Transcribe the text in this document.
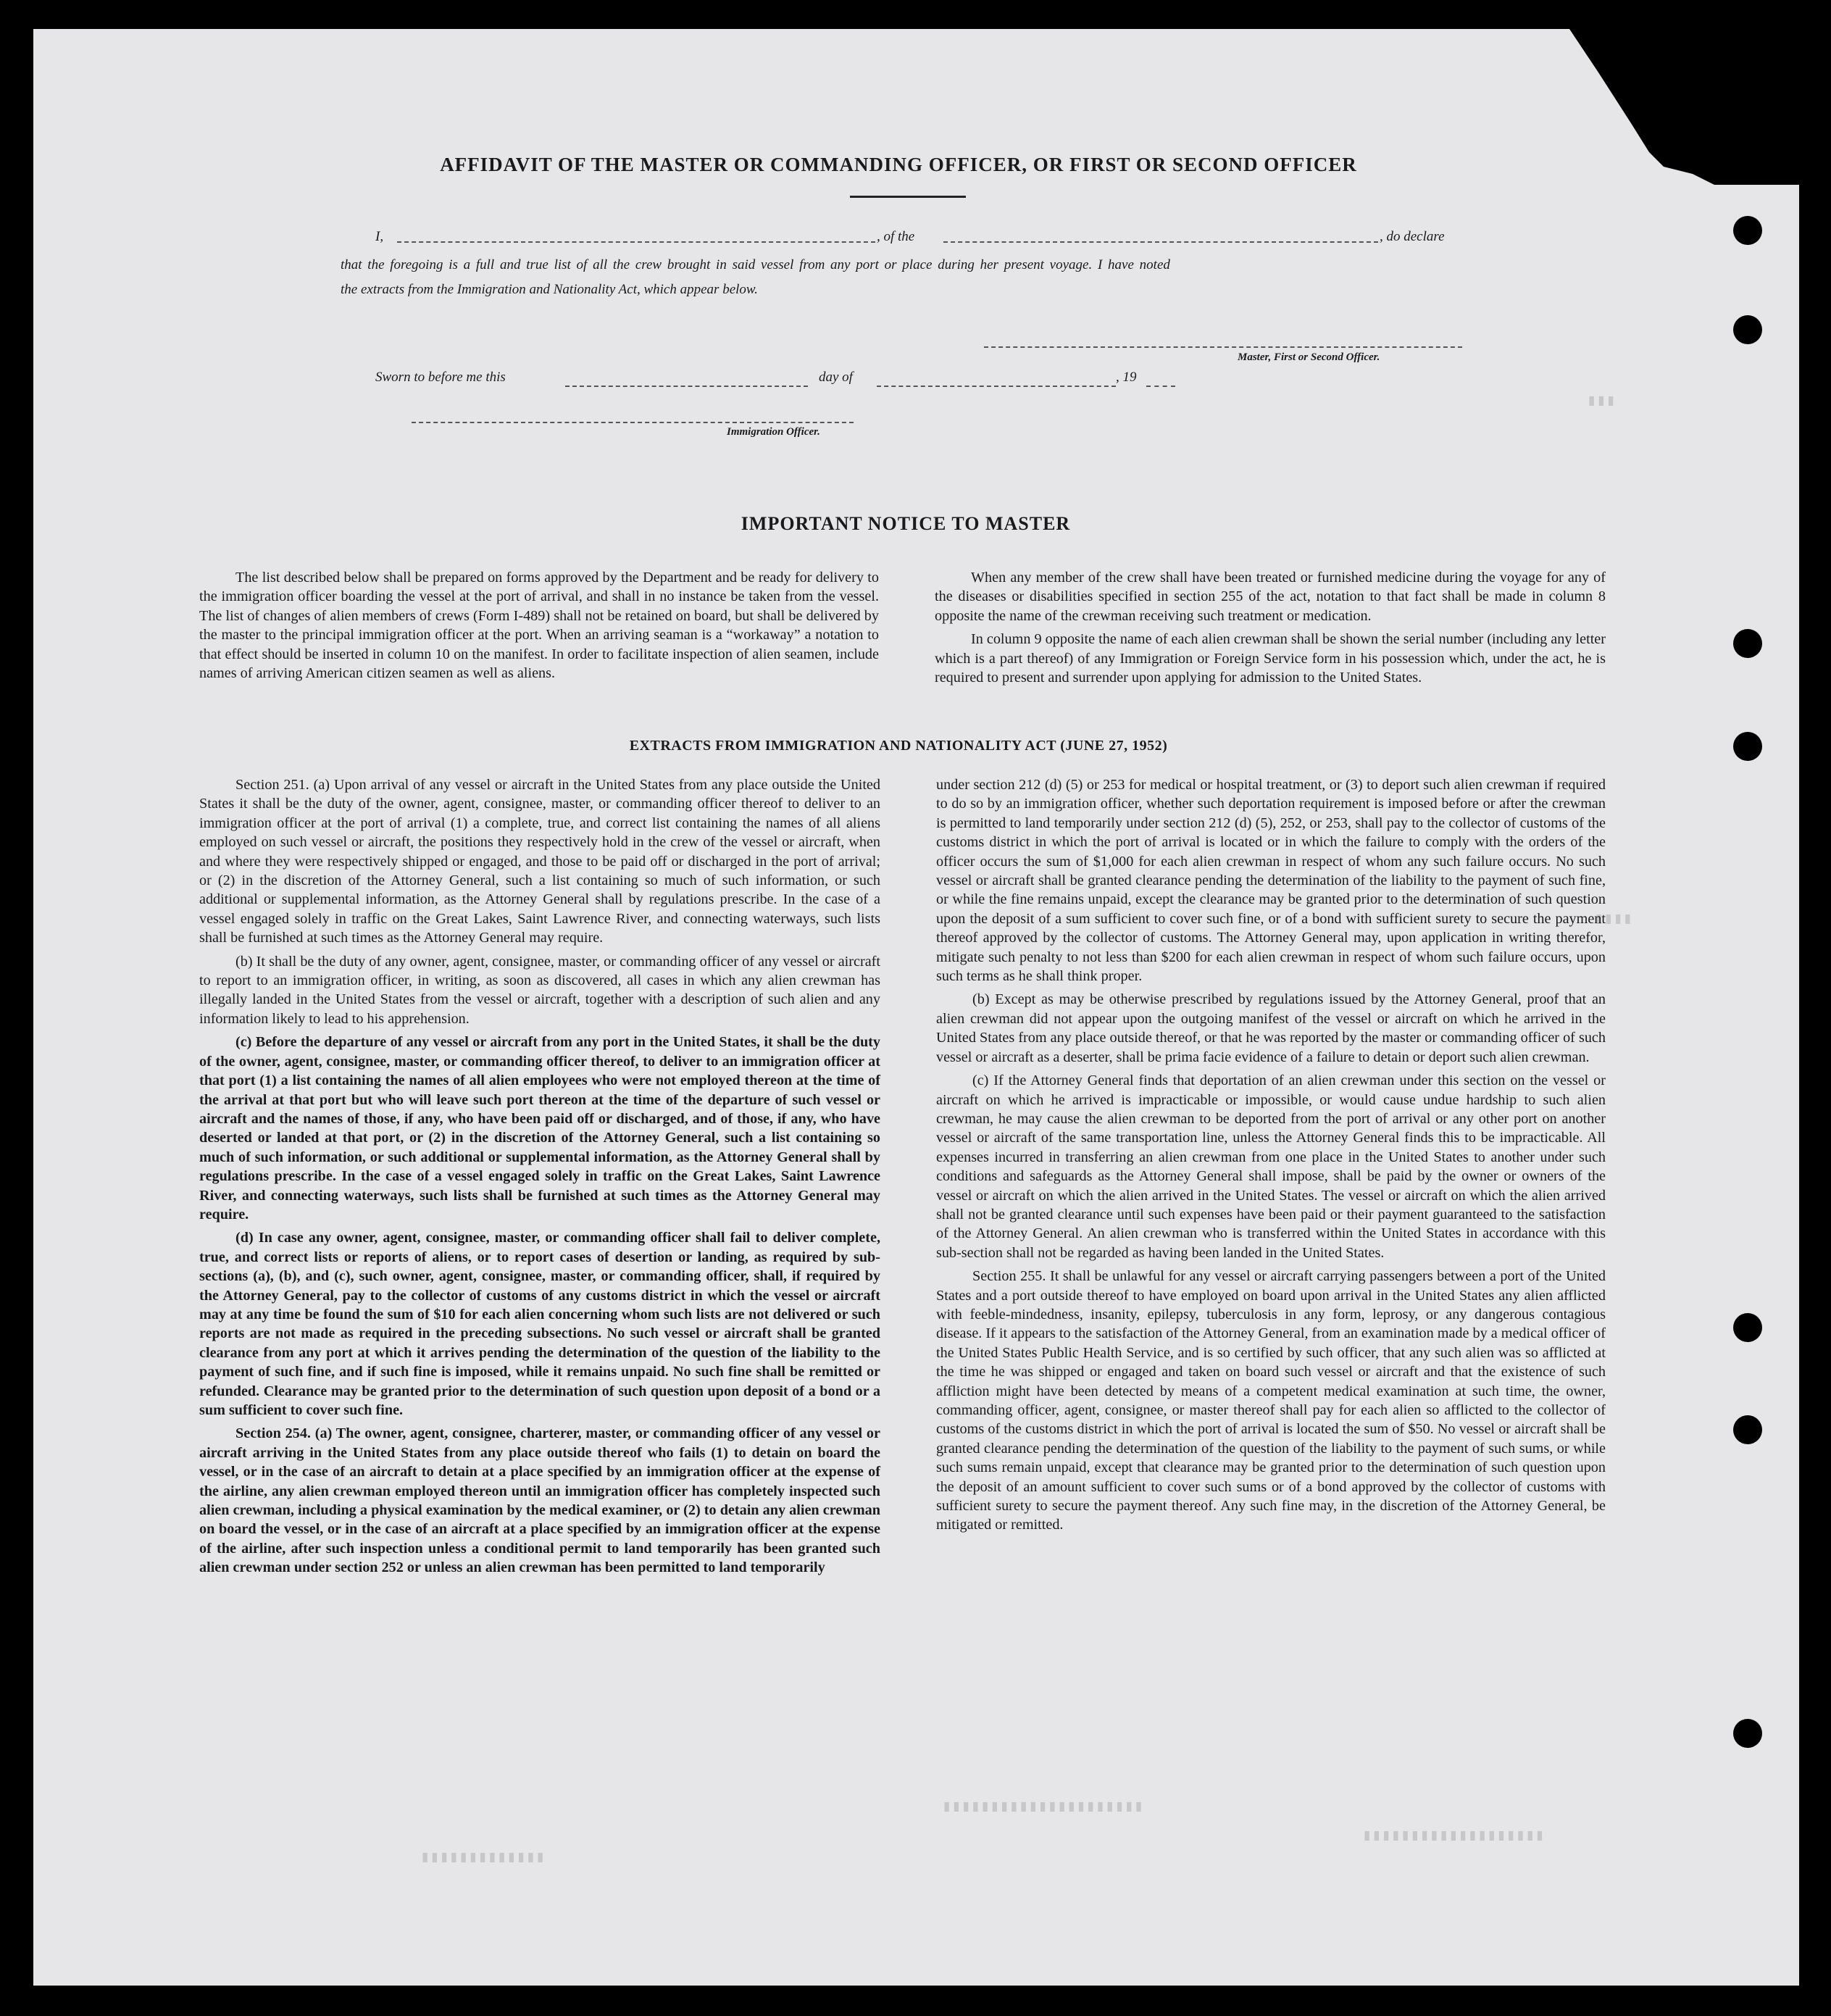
▮▮▮
▮▮▮▮
▮▮▮▮▮▮▮▮▮▮▮▮▮▮▮▮▮▮▮▮▮
▮▮▮▮▮▮▮▮▮▮▮▮▮▮▮▮▮▮▮
▮▮▮▮▮▮▮▮▮▮▮▮▮
AFFIDAVIT OF THE MASTER OR COMMANDING OFFICER, OR FIRST OR SECOND OFFICER
I,	, of the	, do declare
that the foregoing is a full and true list of all the crew brought in said vessel from any port or place during her present voyage. I have noted
the extracts from the Immigration and Nationality Act, which appear below.
Master, First or Second Officer.
Sworn to before me this	day of	, 19
Immigration Officer.
IMPORTANT NOTICE TO MASTER

The list described below shall be prepared on forms approved by the Department and be ready for delivery to the immigration officer boarding the vessel at the port of arrival, and shall in no instance be taken from the vessel. The list of changes of alien members of crews (Form I-489) shall not be retained on board, but shall be delivered by the master to the principal immigration officer at the port. When an arriving seaman is a “workaway” a notation to that effect should be inserted in column 10 on the manifest. In order to facilitate inspection of alien seamen, include names of arriving American citizen seamen as well as aliens.

When any member of the crew shall have been treated or furnished medicine during the voyage for any of the diseases or disabilities specified in section 255 of the act, notation to that fact shall be made in column 8 opposite the name of the crewman receiving such treatment or medication.

In column 9 opposite the name of each alien crewman shall be shown the serial number (including any letter which is a part thereof) of any Immigration or Foreign Service form in his possession which, under the act, he is required to present and surrender upon applying for admission to the United States.

EXTRACTS FROM IMMIGRATION AND NATIONALITY ACT (JUNE 27, 1952)

Section 251. (a) Upon arrival of any vessel or aircraft in the United States from any place outside the United States it shall be the duty of the owner, agent, consignee, master, or commanding officer thereof to deliver to an immigration officer at the port of arrival (1) a complete, true, and correct list containing the names of all aliens employed on such vessel or aircraft, the positions they respectively hold in the crew of the vessel or aircraft, when and where they were respectively shipped or engaged, and those to be paid off or discharged in the port of arrival; or (2) in the discretion of the Attorney General, such a list containing so much of such information, or such additional or supplemental information, as the Attorney General shall by regulations prescribe. In the case of a vessel engaged solely in traffic on the Great Lakes, Saint Lawrence River, and connecting waterways, such lists shall be furnished at such times as the Attorney General may require.

(b) It shall be the duty of any owner, agent, consignee, master, or commanding officer of any vessel or aircraft to report to an immigration officer, in writing, as soon as discovered, all cases in which any alien crewman has illegally landed in the United States from the vessel or aircraft, together with a description of such alien and any information likely to lead to his apprehension.

(c) Before the departure of any vessel or aircraft from any port in the United States, it shall be the duty of the owner, agent, consignee, master, or commanding officer thereof, to deliver to an immigration officer at that port (1) a list containing the names of all alien employees who were not employed thereon at the time of the arrival at that port but who will leave such port thereon at the time of the departure of such vessel or aircraft and the names of those, if any, who have been paid off or discharged, and of those, if any, who have deserted or landed at that port, or (2) in the discretion of the Attorney General, such a list containing so much of such information, or such additional or supplemental information, as the Attorney General shall by regulations prescribe. In the case of a vessel engaged solely in traffic on the Great Lakes, Saint Lawrence River, and connecting waterways, such lists shall be furnished at such times as the Attorney General may require.

(d) In case any owner, agent, consignee, master, or commanding officer shall fail to deliver complete, true, and correct lists or reports of aliens, or to report cases of desertion or landing, as required by sub-sections (a), (b), and (c), such owner, agent, consignee, master, or commanding officer, shall, if required by the Attorney General, pay to the collector of customs of any customs district in which the vessel or aircraft may at any time be found the sum of $10 for each alien concerning whom such lists are not delivered or such reports are not made as required in the preceding subsections. No such vessel or aircraft shall be granted clearance from any port at which it arrives pending the determination of the question of the liability to the payment of such fine, and if such fine is imposed, while it remains unpaid. No such fine shall be remitted or refunded. Clearance may be granted prior to the determination of such question upon deposit of a bond or a sum sufficient to cover such fine.

Section 254. (a) The owner, agent, consignee, charterer, master, or commanding officer of any vessel or aircraft arriving in the United States from any place outside thereof who fails (1) to detain on board the vessel, or in the case of an aircraft to detain at a place specified by an immigration officer at the expense of the airline, any alien crewman employed thereon until an immigration officer has completely inspected such alien crewman, including a physical examination by the medical examiner, or (2) to detain any alien crewman on board the vessel, or in the case of an aircraft at a place specified by an immigration officer at the expense of the airline, after such inspection unless a conditional permit to land temporarily has been granted such alien crewman under section 252 or unless an alien crewman has been permitted to land temporarily

under section 212 (d) (5) or 253 for medical or hospital treatment, or (3) to deport such alien crewman if required to do so by an immigration officer, whether such deportation requirement is imposed before or after the crewman is permitted to land temporarily under section 212 (d) (5), 252, or 253, shall pay to the collector of customs of the customs district in which the port of arrival is located or in which the failure to comply with the orders of the officer occurs the sum of $1,000 for each alien crewman in respect of whom any such failure occurs. No such vessel or aircraft shall be granted clearance pending the determination of the liability to the payment of such fine, or while the fine remains unpaid, except the clearance may be granted prior to the determination of such question upon the deposit of a sum sufficient to cover such fine, or of a bond with sufficient surety to secure the payment thereof approved by the collector of customs. The Attorney General may, upon application in writing therefor, mitigate such penalty to not less than $200 for each alien crewman in respect of whom such failure occurs, upon such terms as he shall think proper.

(b) Except as may be otherwise prescribed by regulations issued by the Attorney General, proof that an alien crewman did not appear upon the outgoing manifest of the vessel or aircraft on which he arrived in the United States from any place outside thereof, or that he was reported by the master or commanding officer of such vessel or aircraft as a deserter, shall be prima facie evidence of a failure to detain or deport such alien crewman.

(c) If the Attorney General finds that deportation of an alien crewman under this section on the vessel or aircraft on which he arrived is impracticable or impossible, or would cause undue hardship to such alien crewman, he may cause the alien crewman to be deported from the port of arrival or any other port on another vessel or aircraft of the same transportation line, unless the Attorney General finds this to be impracticable. All expenses incurred in transferring an alien crewman from one place in the United States to another under such conditions and safeguards as the Attorney General shall impose, shall be paid by the owner or owners of the vessel or aircraft on which the alien arrived in the United States. The vessel or aircraft on which the alien arrived shall not be granted clearance until such expenses have been paid or their payment guaranteed to the satisfaction of the Attorney General. An alien crewman who is transferred within the United States in accordance with this sub-section shall not be regarded as having been landed in the United States.

Section 255. It shall be unlawful for any vessel or aircraft carrying passengers between a port of the United States and a port outside thereof to have employed on board upon arrival in the United States any alien afflicted with feeble-mindedness, insanity, epilepsy, tuberculosis in any form, leprosy, or any dangerous contagious disease. If it appears to the satisfaction of the Attorney General, from an examination made by a medical officer of the United States Public Health Service, and is so certified by such officer, that any such alien was so afflicted at the time he was shipped or engaged and taken on board such vessel or aircraft and that the existence of such affliction might have been detected by means of a competent medical examination at such time, the owner, commanding officer, agent, consignee, or master thereof shall pay for each alien so afflicted to the collector of customs of the customs district in which the port of arrival is located the sum of $50. No vessel or aircraft shall be granted clearance pending the determination of the question of the liability to the payment of such sums, or while such sums remain unpaid, except that clearance may be granted prior to the determination of such question upon the deposit of an amount sufficient to cover such sums or of a bond approved by the collector of customs with sufficient surety to secure the payment thereof. Any such fine may, in the discretion of the Attorney General, be mitigated or remitted.
